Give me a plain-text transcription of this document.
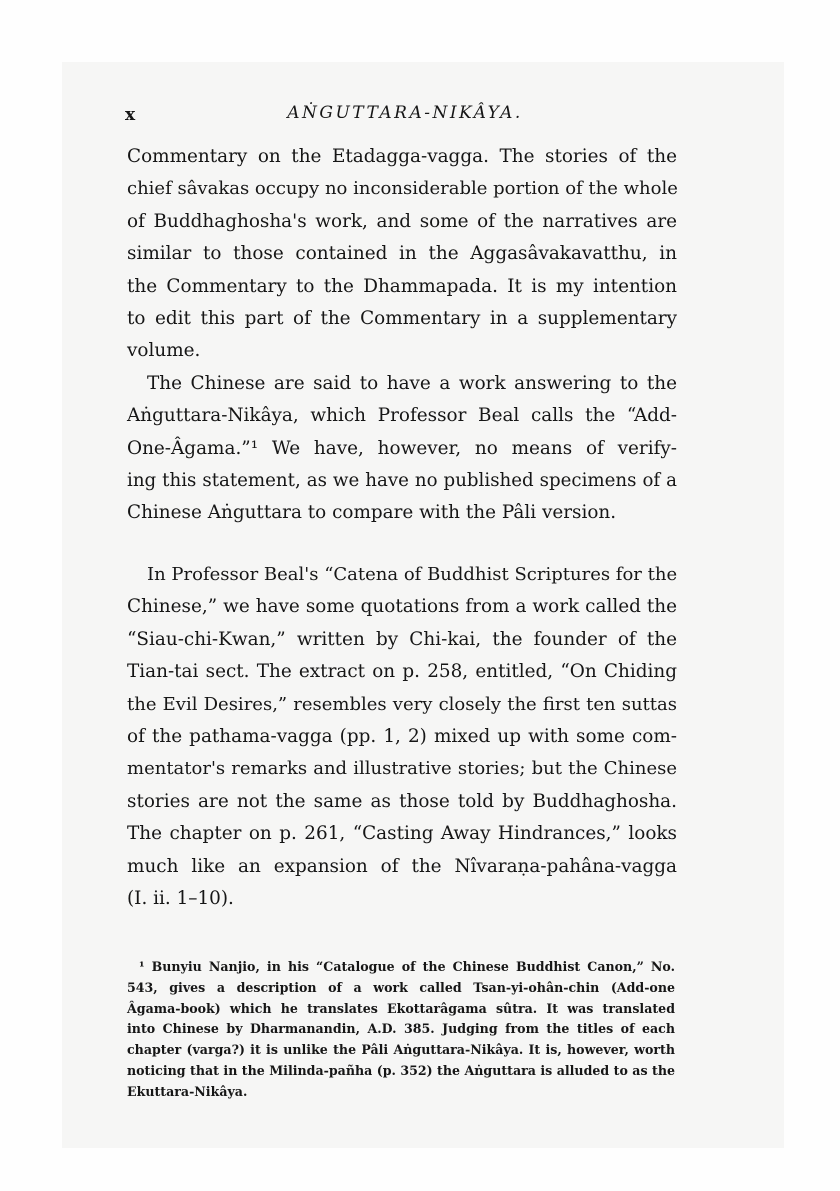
x	AṄGUTTARA-NIKÂYA.

Commentary on the Etadagga-vagga. The stories of the
chief sâvakas occupy no inconsiderable portion of the whole
of Buddhaghosha's work, and some of the narratives are
similar to those contained in the Aggasâvakavatthu, in
the Commentary to the Dhammapada. It is my intention
to edit this part of the Commentary in a supplementary
volume.

The Chinese are said to have a work answering to the
Aṅguttara-Nikâya, which Professor Beal calls the “Add-
One-Âgama.”¹ We have, however, no means of verify-
ing this statement, as we have no published specimens of a
Chinese Aṅguttara to compare with the Pâli version.

In Professor Beal's “Catena of Buddhist Scriptures for the
Chinese,” we have some quotations from a work called the
“Siau-chi-Kwan,” written by Chi-kai, the founder of the
Tian-tai sect. The extract on p. 258, entitled, “On Chiding
the Evil Desires,” resembles very closely the first ten suttas
of the pathama-vagga (pp. 1, 2) mixed up with some com-
mentator's remarks and illustrative stories; but the Chinese
stories are not the same as those told by Buddhaghosha.
The chapter on p. 261, “Casting Away Hindrances,” looks
much like an expansion of the Nîvaraṇa-pahâna-vagga
(I. ii. 1–10).

¹ Bunyiu Nanjio, in his “Catalogue of the Chinese Buddhist Canon,” No.
543, gives a description of a work called Tsan-yi-ohân-chin (Add-one
Âgama-book) which he translates Ekottarâgama sûtra. It was translated
into Chinese by Dharmanandin, A.D. 385. Judging from the titles of each
chapter (varga?) it is unlike the Pâli Aṅguttara-Nikâya. It is, however, worth
noticing that in the Milinda-pañha (p. 352) the Aṅguttara is alluded to as the
Ekuttara-Nikâya.
